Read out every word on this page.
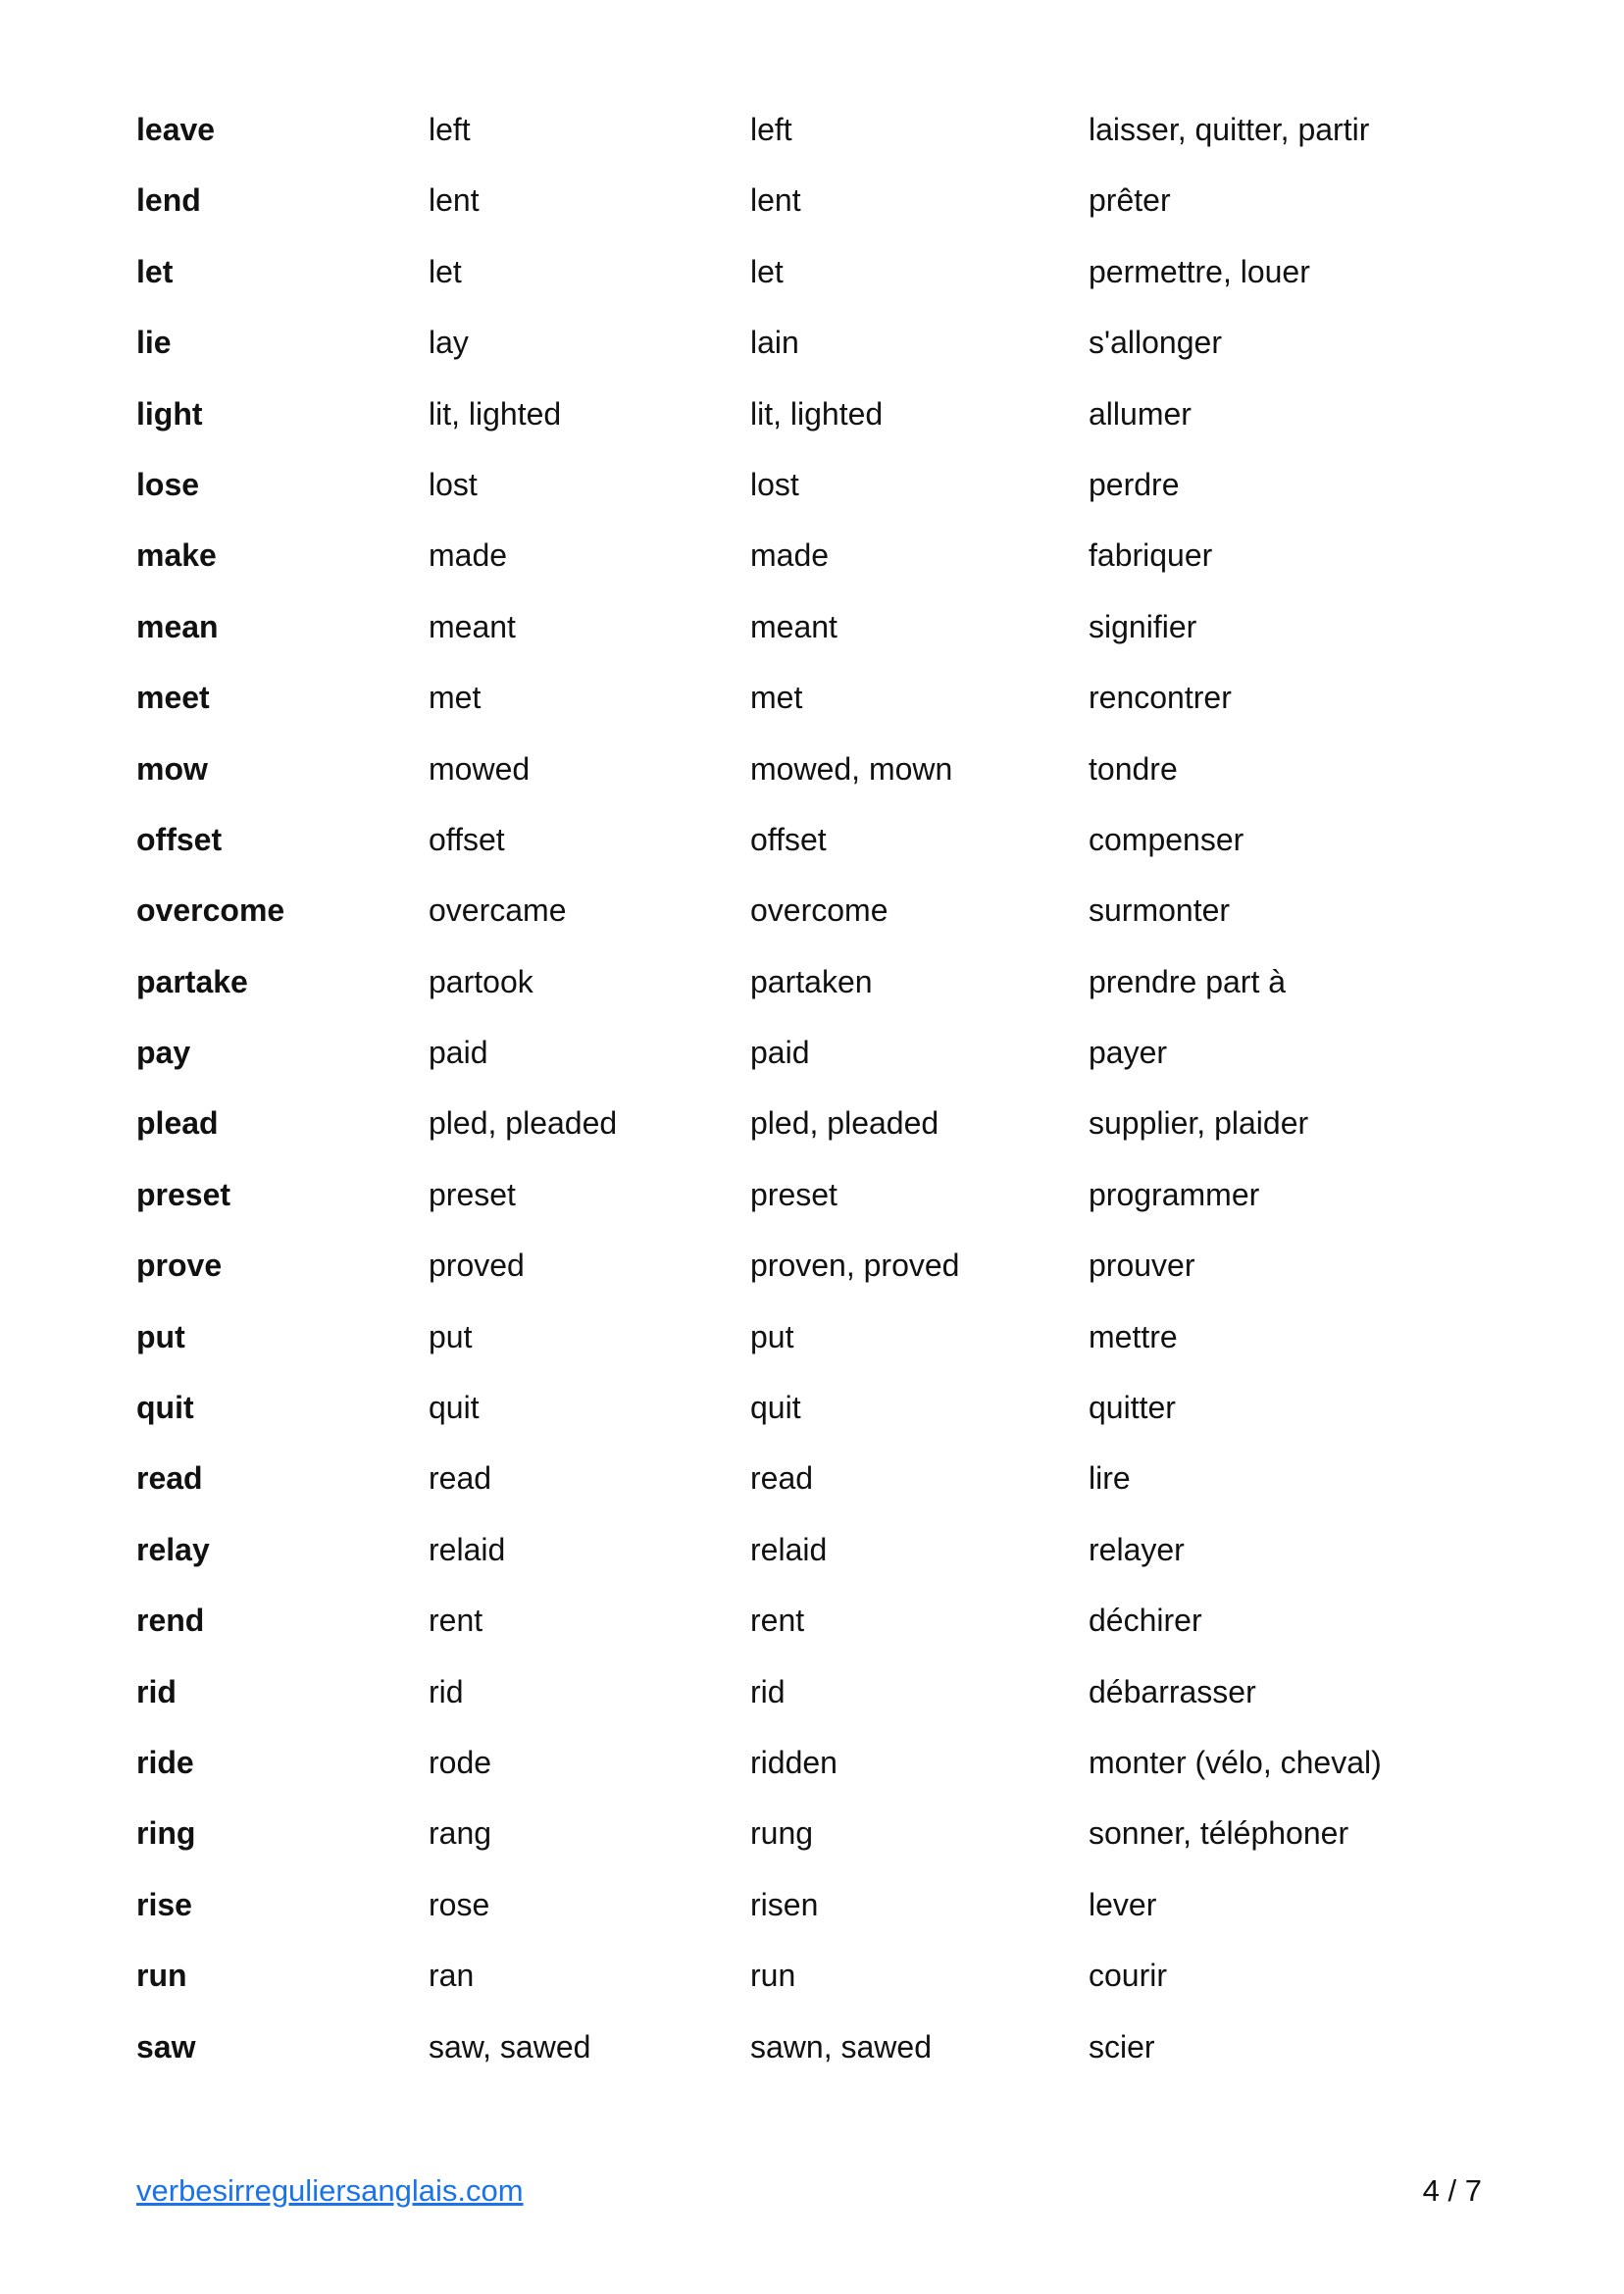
leave	left	left	laisser, quitter, partir
lend	lent	lent	prêter
let	let	let	permettre, louer
lie	lay	lain	s'allonger
light	lit, lighted	lit, lighted	allumer
lose	lost	lost	perdre
make	made	made	fabriquer
mean	meant	meant	signifier
meet	met	met	rencontrer
mow	mowed	mowed, mown	tondre
offset	offset	offset	compenser
overcome	overcame	overcome	surmonter
partake	partook	partaken	prendre part à
pay	paid	paid	payer
plead	pled, pleaded	pled, pleaded	supplier, plaider
preset	preset	preset	programmer
prove	proved	proven, proved	prouver
put	put	put	mettre
quit	quit	quit	quitter
read	read	read	lire
relay	relaid	relaid	relayer
rend	rent	rent	déchirer
rid	rid	rid	débarrasser
ride	rode	ridden	monter (vélo, cheval)
ring	rang	rung	sonner, téléphoner
rise	rose	risen	lever
run	ran	run	courir
saw	saw, sawed	sawn, sawed	scier
verbesirreguliersanglais.com	4 / 7
